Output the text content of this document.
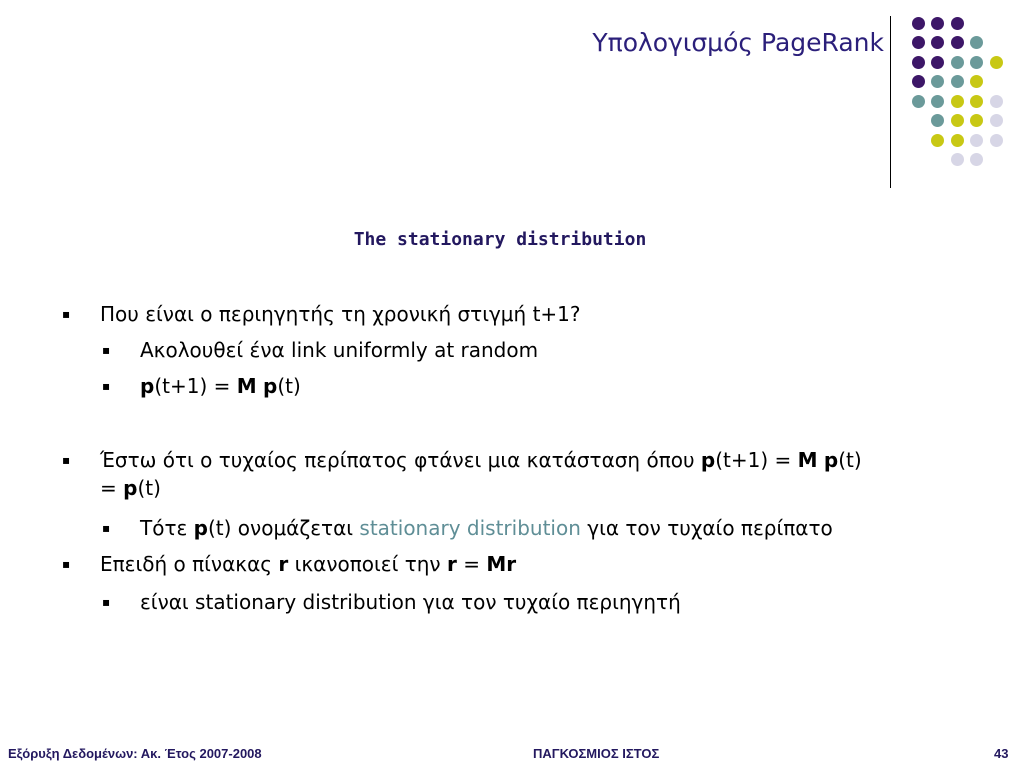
Υπολογισμός PageRank
The stationary distribution
▪ Που είναι ο περιηγητής τη χρονική στιγμή t+1?
▪ Ακολουθεί ένα link uniformly at random
▪ p(t+1) = M p(t)
▪ Έστω ότι ο τυχαίος περίπατος φτάνει μια κατάσταση όπου p(t+1) = M p(t)
= p(t)
▪ Τότε p(t) ονομάζεται stationary distribution για τον τυχαίο περίπατο
▪ Επειδή ο πίνακας r ικανοποιεί την r = Mr
▪ είναι stationary distribution για τον τυχαίο περιηγητή
Εξόρυξη Δεδομένων: Ακ. Έτος 2007-2008	ΠΑΓΚΟΣΜΙΟΣ ΙΣΤΟΣ	43
